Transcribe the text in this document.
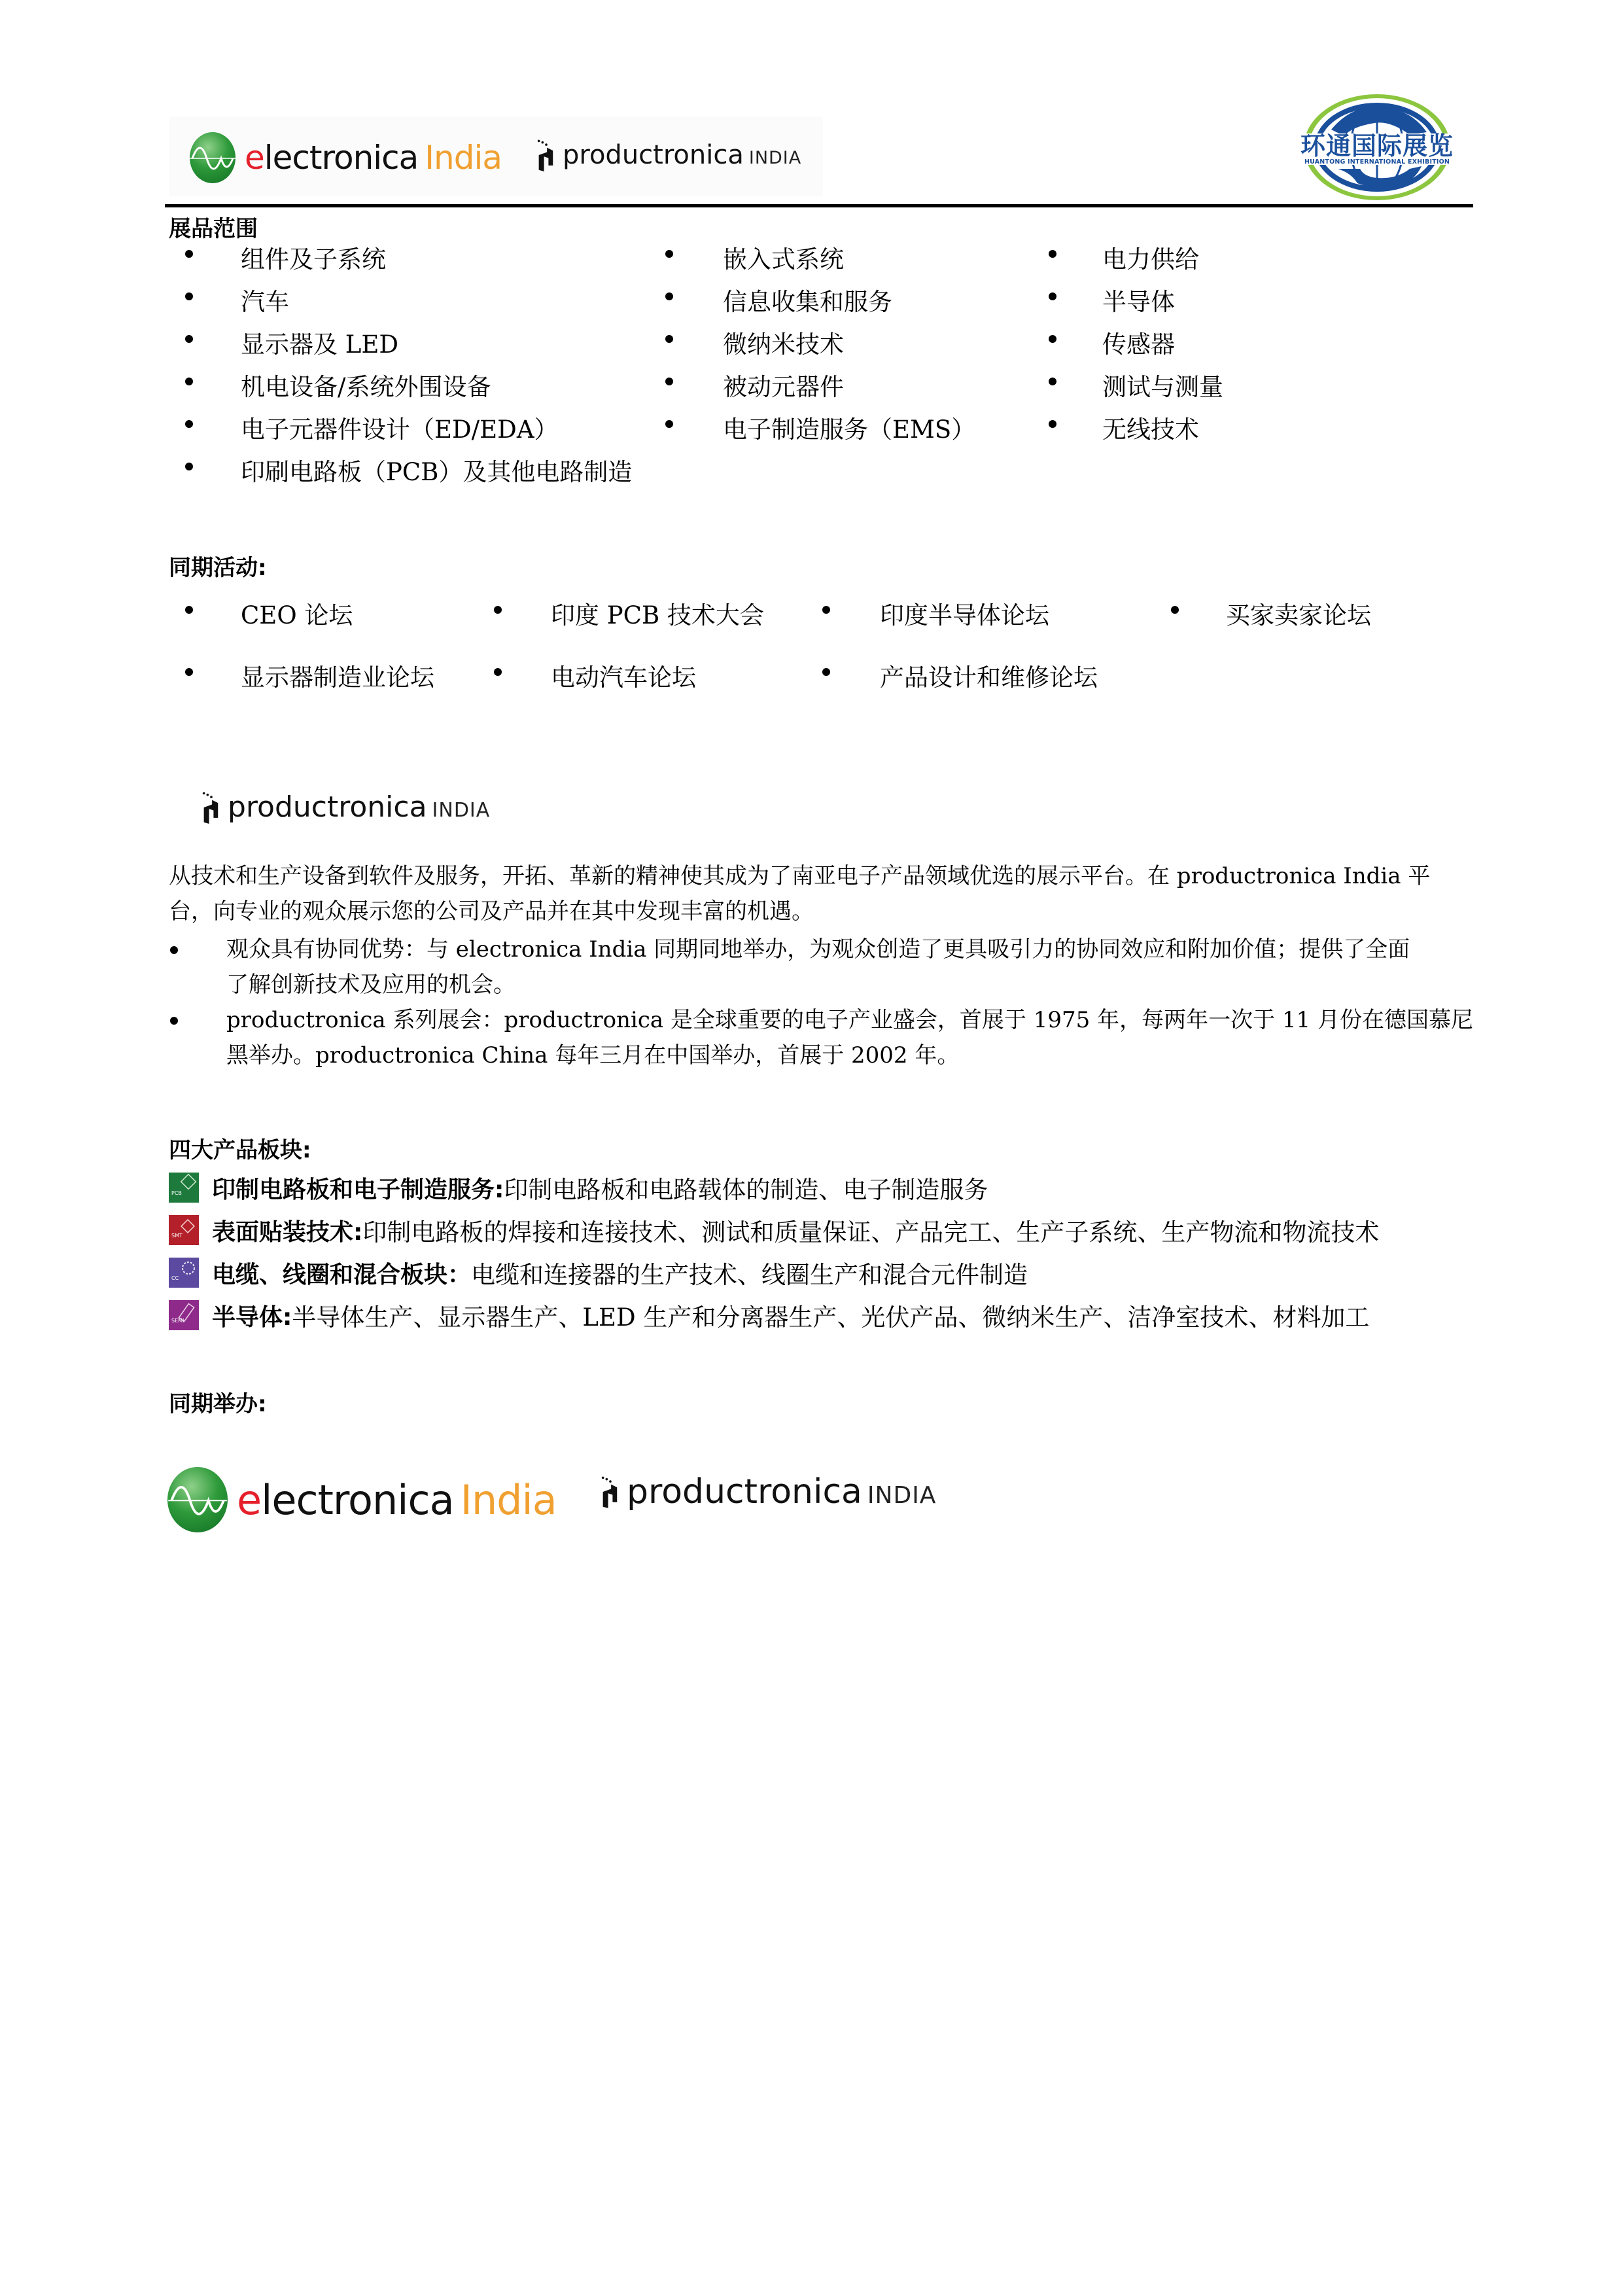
electronica India productronica INDIA	环通国际展览
HUANTONG INTERNATIONAL EXHIBITION
展品范围
组件及子系统
汽车
显示器及 LED
机电设备/系统外围设备
电子元器件设计（ED/EDA）
印刷电路板（PCB）及其他电路制造
嵌入式系统
信息收集和服务
微纳米技术
被动元器件
电子制造服务（EMS）
电力供给
半导体
传感器
测试与测量
无线技术
同期活动:
CEO 论坛	印度 PCB 技术大会	印度半导体论坛	买家卖家论坛
显示器制造业论坛	电动汽车论坛	产品设计和维修论坛
productronica INDIA
从技术和生产设备到软件及服务，开拓、革新的精神使其成为了南亚电子产品领域优选的展示平台。在 productronica India 平
台，向专业的观众展示您的公司及产品并在其中发现丰富的机遇。
观众具有协同优势：与 electronica India 同期同地举办，为观众创造了更具吸引力的协同效应和附加价值；提供了全面
了解创新技术及应用的机会。
productronica 系列展会：productronica 是全球重要的电子产业盛会，首展于 1975 年，每两年一次于 11 月份在德国慕尼
黑举办。productronica China 每年三月在中国举办，首展于 2002 年。
四大产品板块:
PCB 印制电路板和电子制造服务: 印制电路板和电路载体的制造、电子制造服务
SMT 表面贴装技术: 印制电路板的焊接和连接技术、测试和质量保证、产品完工、生产子系统、生产物流和物流技术
CC 电缆、线圈和混合板块： 电缆和连接器的生产技术、线圈生产和混合元件制造
SEMI 半导体: 半导体生产、显示器生产、LED 生产和分离器生产、光伏产品、微纳米生产、洁净室技术、材料加工
同期举办:
electronica India productronica INDIA
